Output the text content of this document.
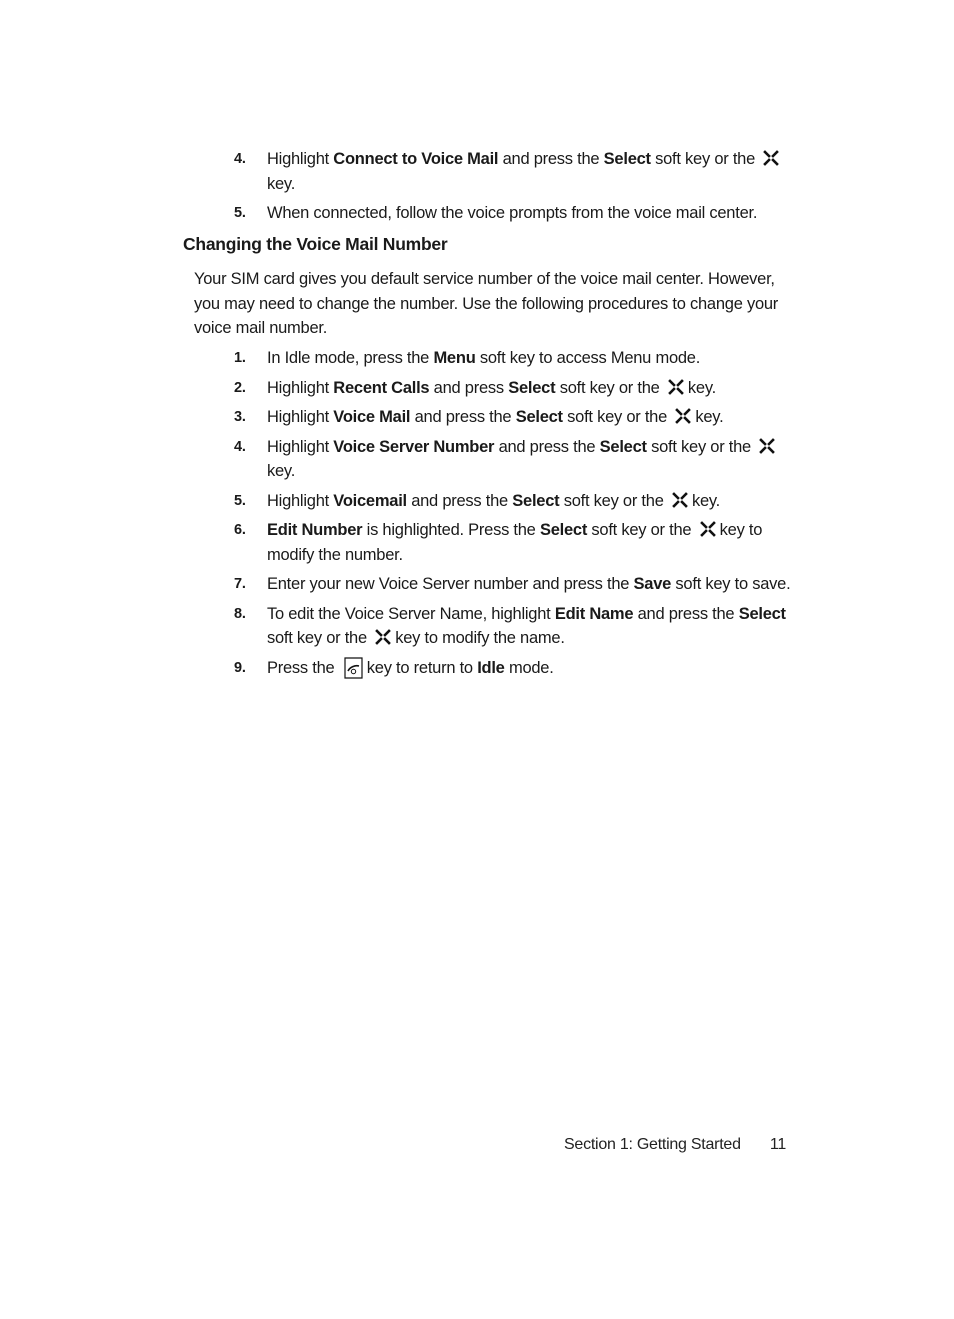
4.	Highlight Connect to Voice Mail and press the Select soft key or the
key.
5.	When connected, follow the voice prompts from the voice mail center.
Changing the Voice Mail Number

Your SIM card gives you default service number of the voice mail center. However, you may need to change the number. Use the following procedures to change your voice mail number.

1.	In Idle mode, press the Menu soft key to access Menu mode.
2.	Highlight Recent Calls and press Select soft key or the key.
3.	Highlight Voice Mail and press the Select soft key or the key.
4.	Highlight Voice Server Number and press the Select soft key or the
key.
5.	Highlight Voicemail and press the Select soft key or the key.
6.	Edit Number is highlighted. Press the Select soft key or the key to modify the number.
7.	Enter your new Voice Server number and press the Save soft key to save.
8.	To edit the Voice Server Name, highlight Edit Name and press the Select soft key or the key to modify the name.
9.	Press the key to return to Idle mode.
Section 1: Getting Started 11
